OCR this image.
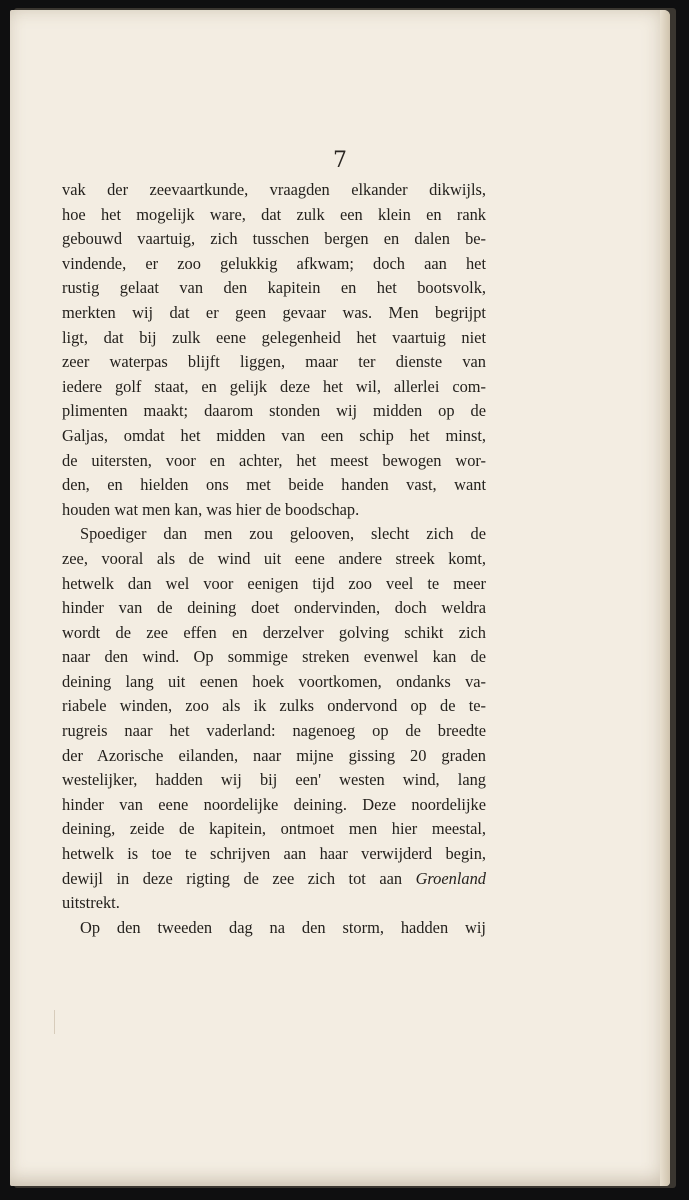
7
vak der zeevaartkunde, vraagden elkander dikwijls,
hoe het mogelijk ware, dat zulk een klein en rank
gebouwd vaartuig, zich tusschen bergen en dalen be-
vindende, er zoo gelukkig afkwam; doch aan het
rustig gelaat van den kapitein en het bootsvolk,
merkten wij dat er geen gevaar was. Men begrijpt
ligt, dat bij zulk eene gelegenheid het vaartuig niet
zeer waterpas blijft liggen, maar ter dienste van
iedere golf staat, en gelijk deze het wil, allerlei com-
plimenten maakt; daarom stonden wij midden op de
Galjas, omdat het midden van een schip het minst,
de uitersten, voor en achter, het meest bewogen wor-
den, en hielden ons met beide handen vast, want
houden wat men kan, was hier de boodschap.
Spoediger dan men zou gelooven, slecht zich de
zee, vooral als de wind uit eene andere streek komt,
hetwelk dan wel voor eenigen tijd zoo veel te meer
hinder van de deining doet ondervinden, doch weldra
wordt de zee effen en derzelver golving schikt zich
naar den wind. Op sommige streken evenwel kan de
deining lang uit eenen hoek voortkomen, ondanks va-
riabele winden, zoo als ik zulks ondervond op de te-
rugreis naar het vaderland: nagenoeg op de breedte
der Azorische eilanden, naar mijne gissing 20 graden
westelijker, hadden wij bij een' westen wind, lang
hinder van eene noordelijke deining. Deze noordelijke
deining, zeide de kapitein, ontmoet men hier meestal,
hetwelk is toe te schrijven aan haar verwijderd begin,
dewijl in deze rigting de zee zich tot aan Groenland
uitstrekt.
Op den tweeden dag na den storm, hadden wij
